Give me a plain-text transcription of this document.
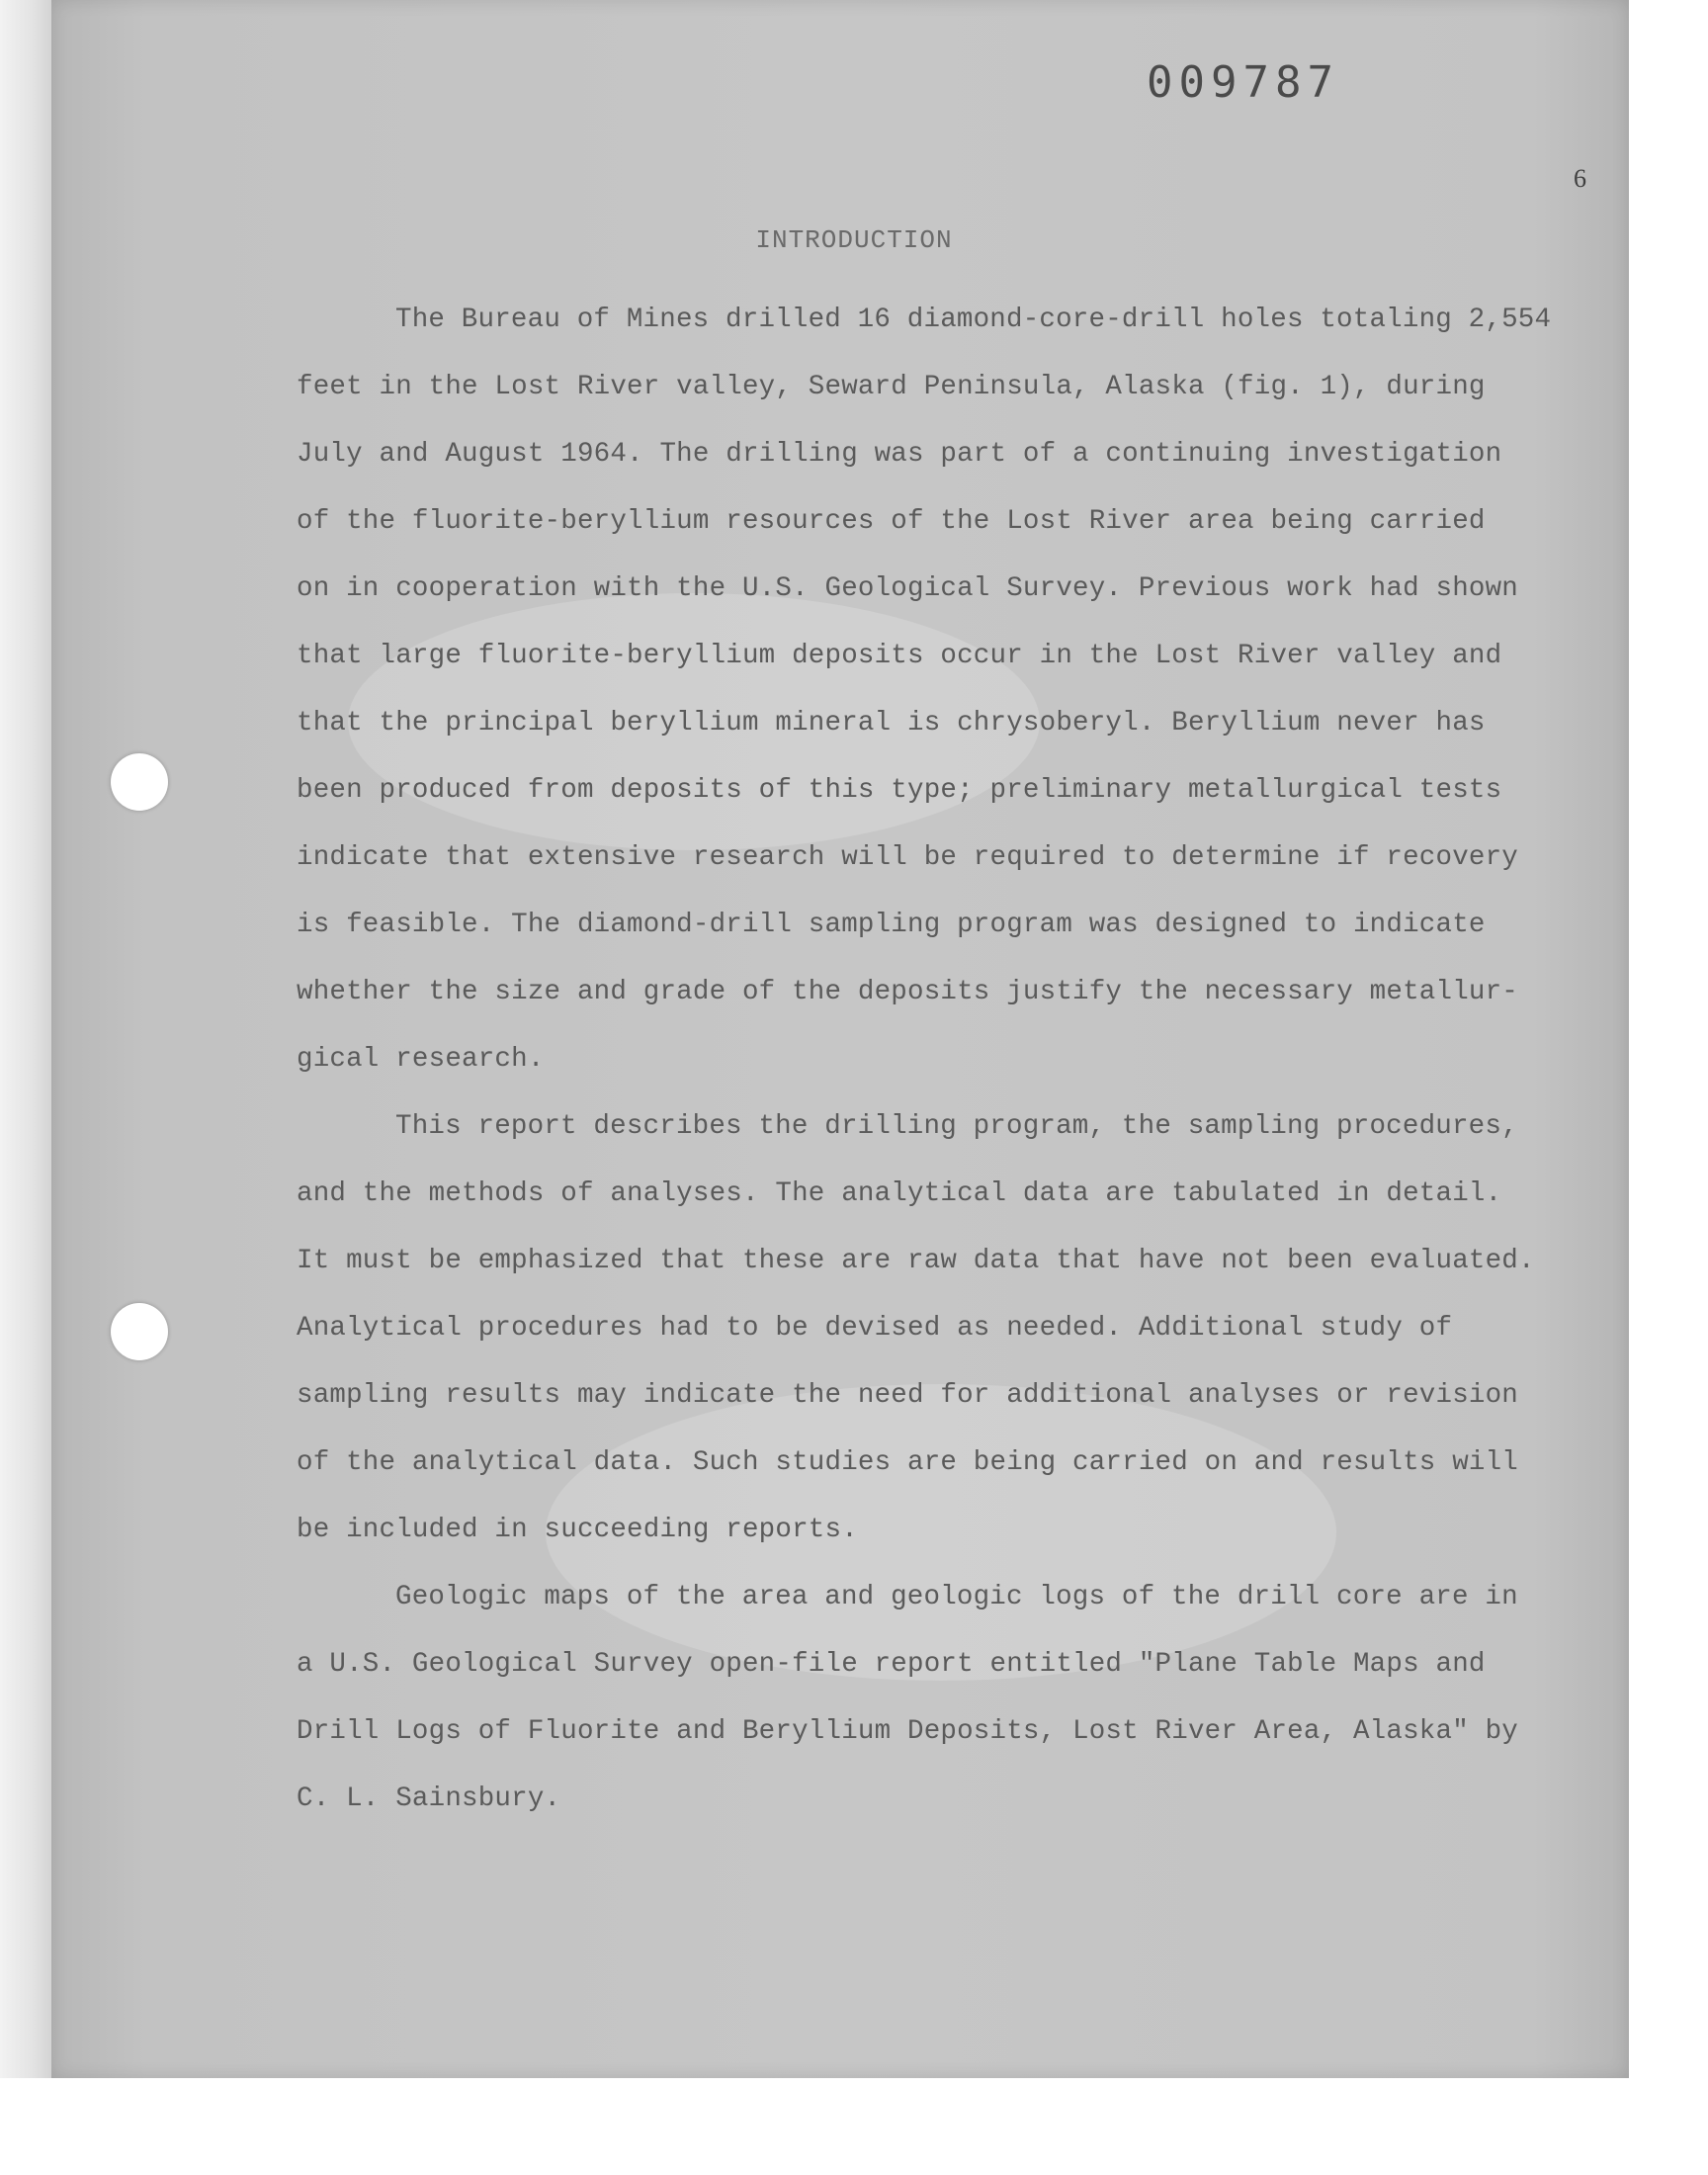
009787
6
INTRODUCTION

The Bureau of Mines drilled 16 diamond-core-drill holes totaling 2,554
feet in the Lost River valley, Seward Peninsula, Alaska (fig. 1), during
July and August 1964. The drilling was part of a continuing investigation
of the fluorite-beryllium resources of the Lost River area being carried
on in cooperation with the U.S. Geological Survey. Previous work had shown
that large fluorite-beryllium deposits occur in the Lost River valley and
that the principal beryllium mineral is chrysoberyl. Beryllium never has
been produced from deposits of this type; preliminary metallurgical tests
indicate that extensive research will be required to determine if recovery
is feasible. The diamond-drill sampling program was designed to indicate
whether the size and grade of the deposits justify the necessary metallur-
gical research.

This report describes the drilling program, the sampling procedures,
and the methods of analyses. The analytical data are tabulated in detail.
It must be emphasized that these are raw data that have not been evaluated.
Analytical procedures had to be devised as needed. Additional study of
sampling results may indicate the need for additional analyses or revision
of the analytical data. Such studies are being carried on and results will
be included in succeeding reports.

Geologic maps of the area and geologic logs of the drill core are in
a U.S. Geological Survey open-file report entitled "Plane Table Maps and
Drill Logs of Fluorite and Beryllium Deposits, Lost River Area, Alaska" by
C. L. Sainsbury.
